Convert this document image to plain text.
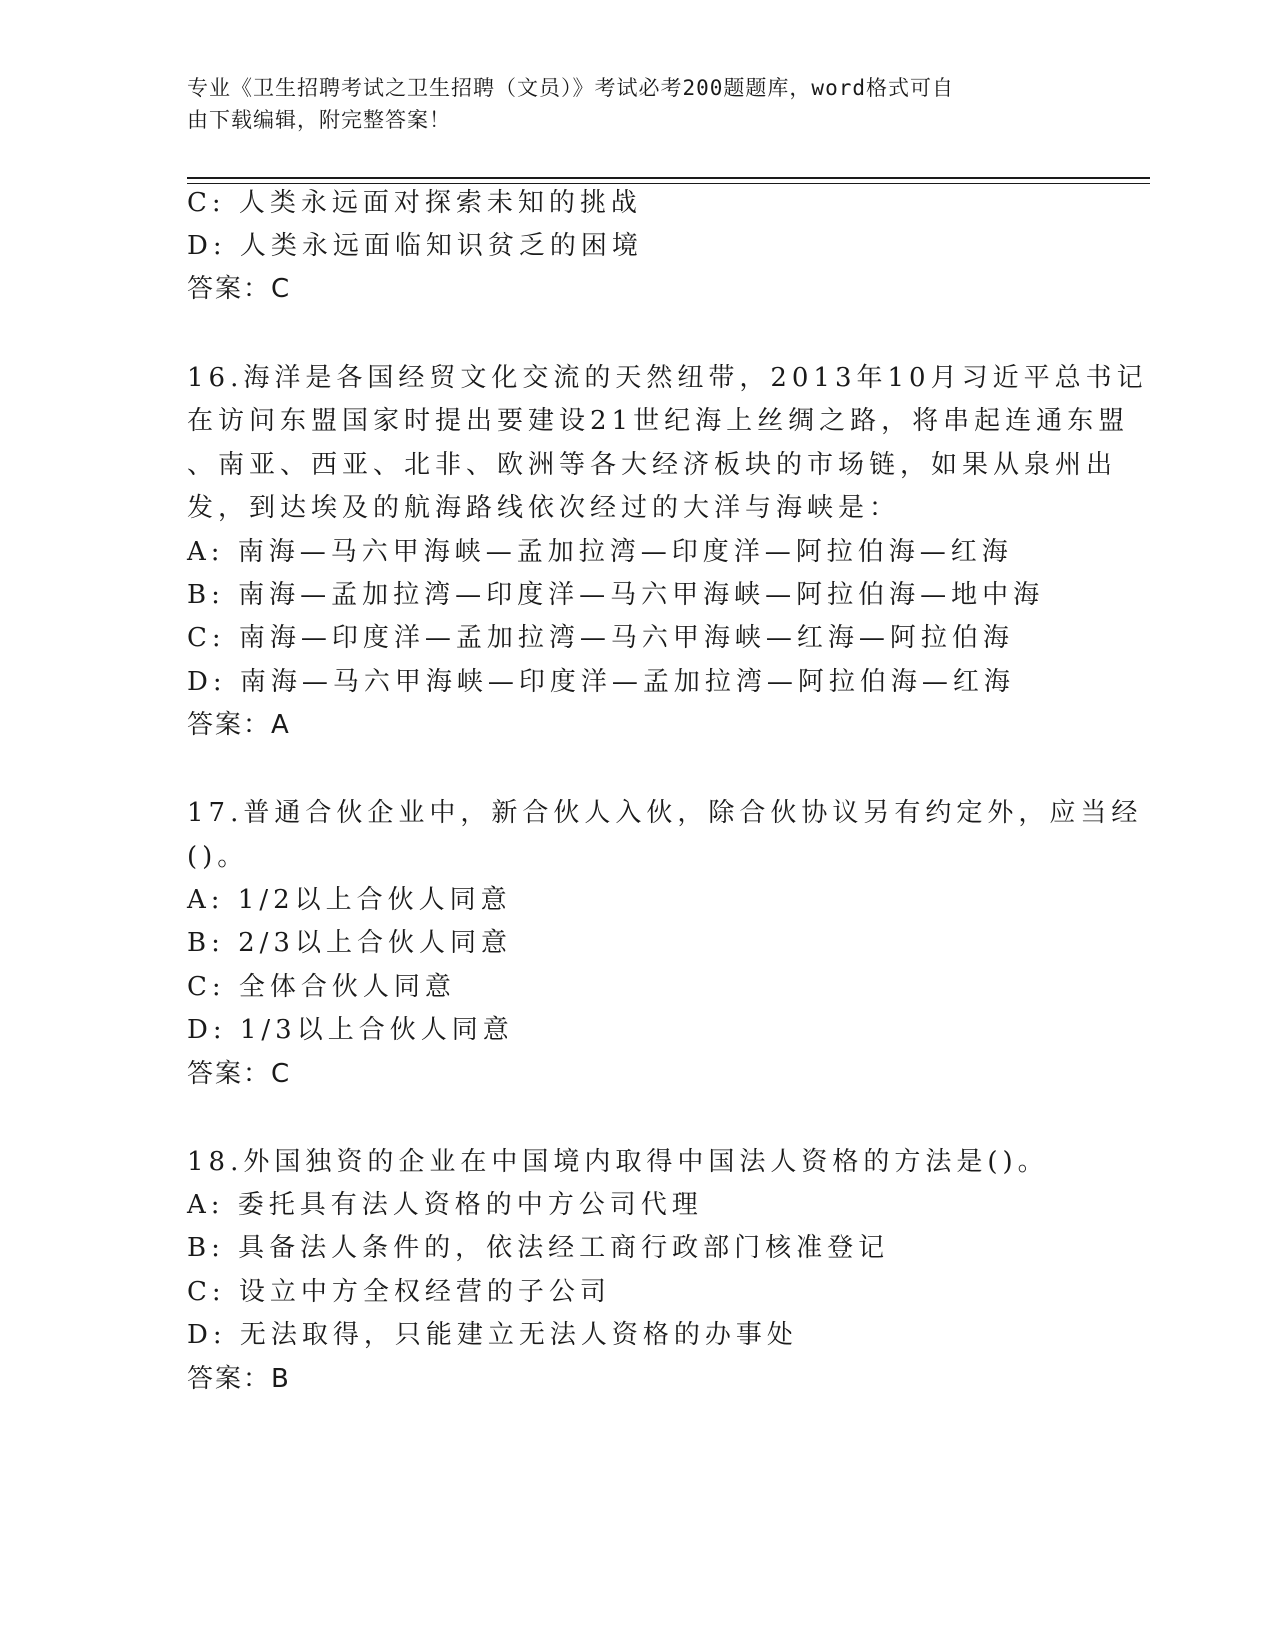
专业《卫生招聘考试之卫生招聘（文员）》考试必考200题题库，word格式可自
由下载编辑，附完整答案！
C: 人类永远面对探索未知的挑战
D: 人类永远面临知识贫乏的困境
答案：C
16.海洋是各国经贸文化交流的天然纽带，2013年10月习近平总书记
在访问东盟国家时提出要建设21世纪海上丝绸之路，将串起连通东盟
、南亚、西亚、北非、欧洲等各大经济板块的市场链，如果从泉州出
发，到达埃及的航海路线依次经过的大洋与海峡是：
A: 南海—马六甲海峡—孟加拉湾—印度洋—阿拉伯海—红海
B: 南海—孟加拉湾—印度洋—马六甲海峡—阿拉伯海—地中海
C: 南海—印度洋—孟加拉湾—马六甲海峡—红海—阿拉伯海
D: 南海—马六甲海峡—印度洋—孟加拉湾—阿拉伯海—红海
答案：A
17.普通合伙企业中，新合伙人入伙，除合伙协议另有约定外，应当经
()。
A: 1/2以上合伙人同意
B: 2/3以上合伙人同意
C: 全体合伙人同意
D: 1/3以上合伙人同意
答案：C
18.外国独资的企业在中国境内取得中国法人资格的方法是()。
A: 委托具有法人资格的中方公司代理
B: 具备法人条件的，依法经工商行政部门核准登记
C: 设立中方全权经营的子公司
D: 无法取得，只能建立无法人资格的办事处
答案：B
